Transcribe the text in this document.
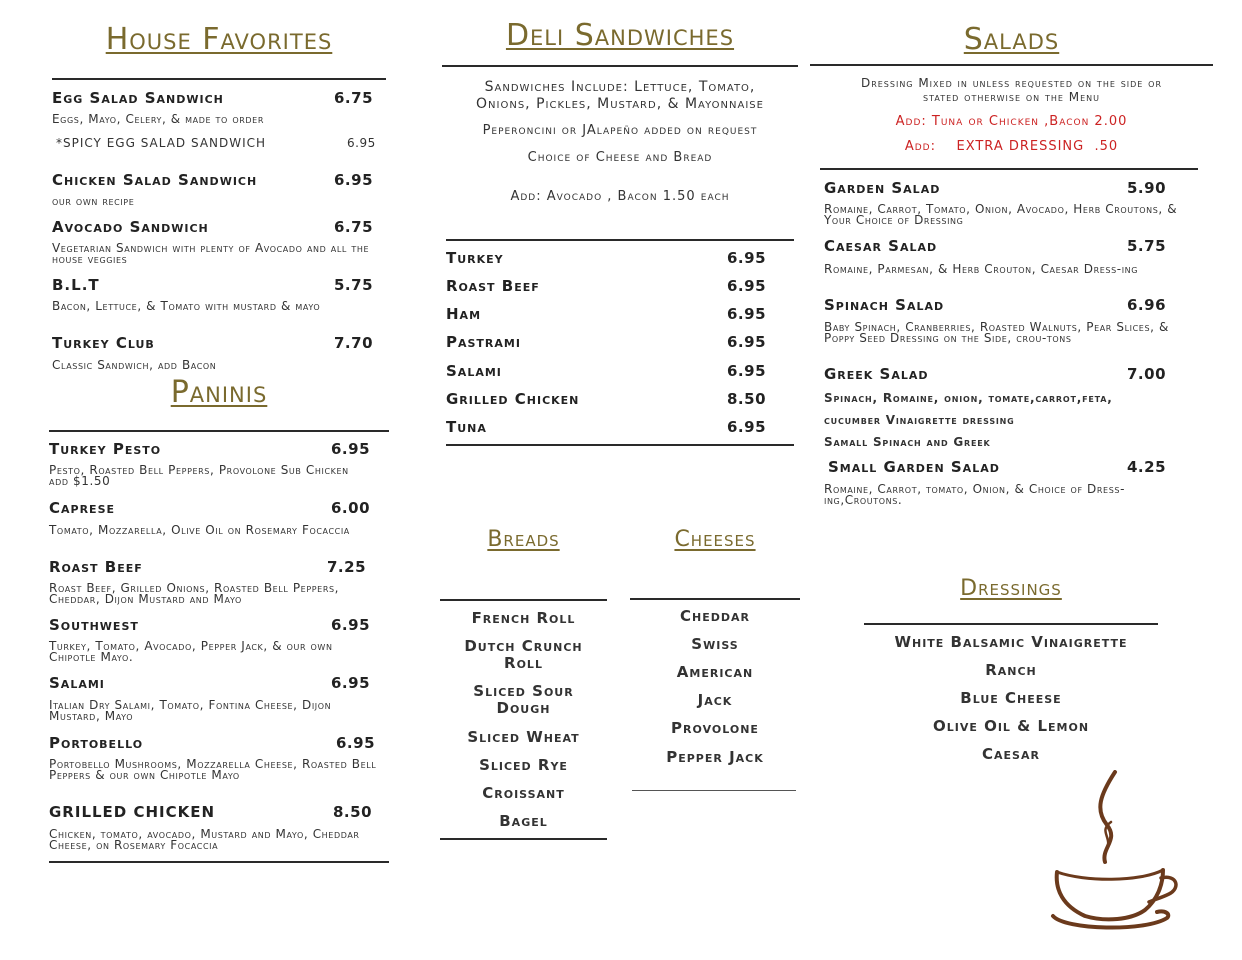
House Favorites
Egg Salad Sandwich	6.75
Eggs, Mayo, Celery, & made to order
*SPICY EGG SALAD SANDWICH	6.95
Chicken Salad Sandwich	6.95
our own recipe
Avocado Sandwich	6.75
Vegetarian Sandwich with plenty of Avocado and all the house veggies
B.L.T	5.75
Bacon, Lettuce, & Tomato with mustard & mayo
Turkey Club	7.70
Classic Sandwich, add Bacon
Paninis
Turkey Pesto	6.95
Pesto, Roasted Bell Peppers, Provolone Sub Chicken add $1.50
Caprese	6.00
Tomato, Mozzarella, Olive Oil on Rosemary Focaccia
Roast Beef	7.25
Roast Beef, Grilled Onions, Roasted Bell Peppers, Cheddar, Dijon Mustard and Mayo
Southwest	6.95
Turkey, Tomato, Avocado, Pepper Jack, & our own Chipotle Mayo.
Salami	6.95
Italian Dry Salami, Tomato, Fontina Cheese, Dijon Mustard, Mayo
Portobello	6.95
Portobello Mushrooms, Mozzarella Cheese, Roasted Bell Peppers & our own Chipotle Mayo
GRILLED CHICKEN	8.50
Chicken, tomato, avocado, Mustard and Mayo, Cheddar Cheese, on Rosemary Focaccia
Deli Sandwiches
Sandwiches Include: Lettuce, Tomato,
Onions, Pickles, Mustard, & Mayonnaise
Peperoncini or JAlapeño added on request
Choice of Cheese and Bread
Add: Avocado , Bacon 1.50 each
Turkey	6.95
Roast Beef	6.95
Ham	6.95
Pastrami	6.95
Salami	6.95
Grilled Chicken	8.50
Tuna	6.95
Breads
French Roll
Dutch Crunch Roll
Sliced Sour Dough
Sliced Wheat
Sliced Rye
Croissant
Bagel
Cheeses
Cheddar
Swiss
American
Jack
Provolone
Pepper Jack
Salads
Dressing Mixed in unless requested on the side or
stated otherwise on the Menu
Add: Tuna or Chicken ,Bacon 2.00
Add:    EXTRA DRESSING  .50
Garden Salad	5.90
Romaine, Carrot, Tomato, Onion, Avocado, Herb Croutons, & Your Choice of Dressing
Caesar Salad	5.75
Romaine, Parmesan, & Herb Crouton, Caesar Dress-ing
Spinach Salad	6.96
Baby Spinach, Cranberries, Roasted Walnuts, Pear Slices, & Poppy Seed Dressing on the Side, crou-tons
Greek Salad	7.00
Spinach, Romaine, onion, tomate,carrot,feta,
cucumber Vinaigrette dressing
Samall Spinach and Greek
Small Garden Salad	4.25
Romaine, Carrot, tomato, Onion, & Choice of Dress-ing,Croutons.
Dressings
White Balsamic Vinaigrette
Ranch
Blue Cheese
Olive Oil & Lemon
Caesar
